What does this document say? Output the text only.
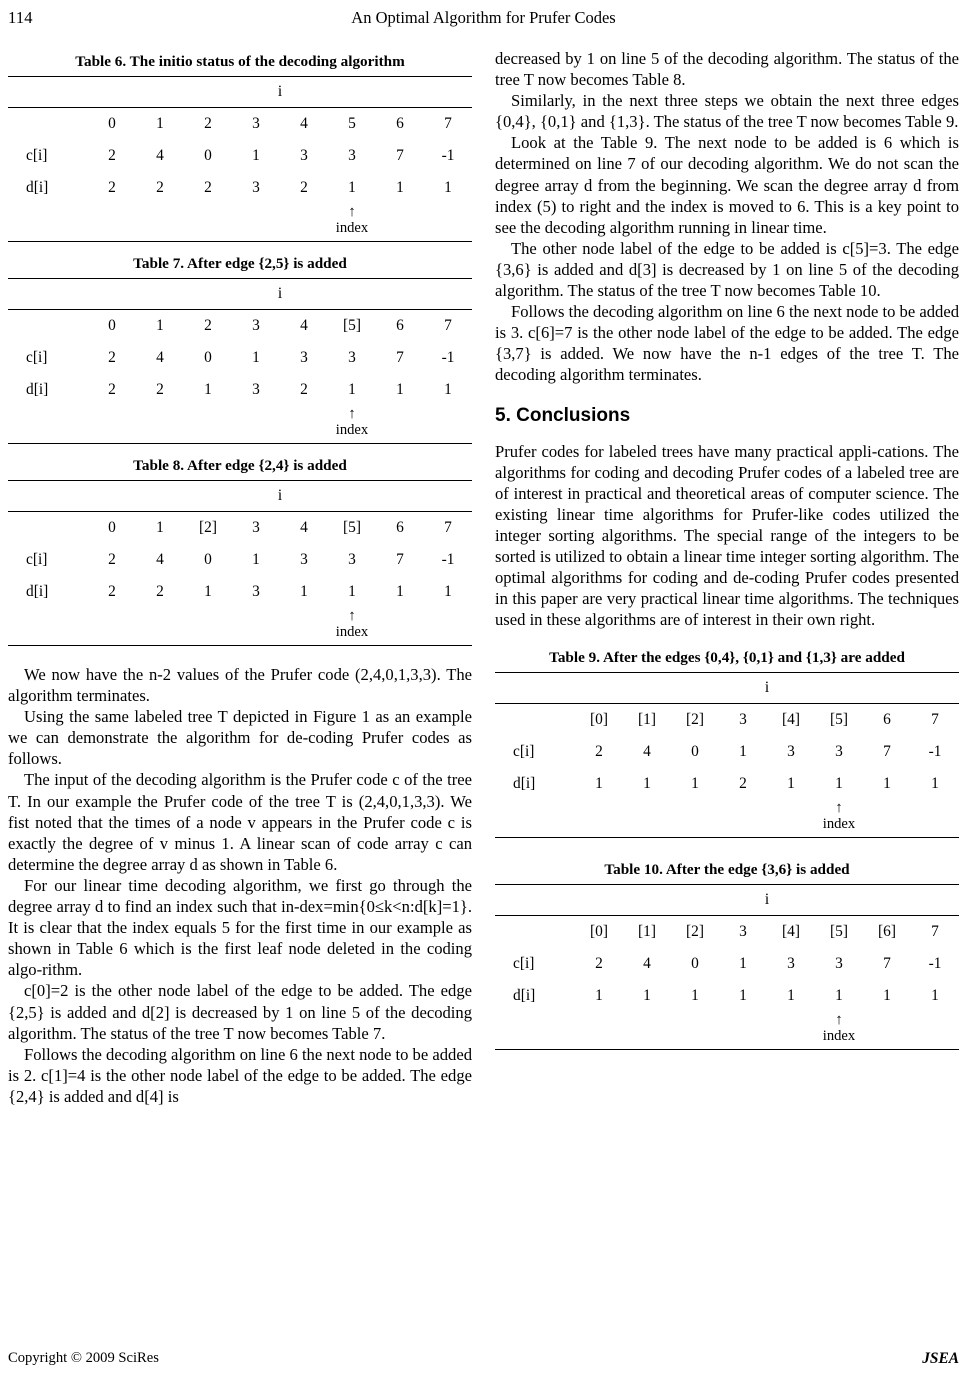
114	An Optimal Algorithm for Prufer Codes
Table 6. The initio status of the decoding algorithm
	i							
	0	1	2	3	4	5	6	7
c[i]	2	4	0	1	3	3	7	-1
d[i]	2	2	2	3	2	1	1	1

						↑
index		

Table 7. After edge {2,5} is added
	i							
	0	1	2	3	4	[5]	6	7
c[i]	2	4	0	1	3	3	7	-1
d[i]	2	2	1	3	2	1	1	1

						↑
index		

Table 8. After edge {2,4} is added
	i							
	0	1	[2]	3	4	[5]	6	7
c[i]	2	4	0	1	3	3	7	-1
d[i]	2	2	1	3	1	1	1	1

						↑
index		

We now have the n-2 values of the Prufer code (2,4,0,1,3,3). The algorithm terminates.

Using the same labeled tree T depicted in Figure 1 as an example we can demonstrate the algorithm for de-coding Prufer codes as follows.

The input of the decoding algorithm is the Prufer code c of the tree T. In our example the Prufer code of the tree T is (2,4,0,1,3,3). We fist noted that the times of a node v appears in the Prufer code c is exactly the degree of v minus 1. A linear scan of code array c can determine the degree array d as shown in Table 6.

For our linear time decoding algorithm, we first go through the degree array d to find an index such that in-dex=min{0≤k<n:d[k]=1}. It is clear that the index equals 5 for the first time in our example as shown in Table 6 which is the first leaf node deleted in the coding algo-rithm.

c[0]=2 is the other node label of the edge to be added. The edge {2,5} is added and d[2] is decreased by 1 on line 5 of the decoding algorithm. The status of the tree T now becomes Table 7.

Follows the decoding algorithm on line 6 the next node to be added is 2. c[1]=4 is the other node label of the edge to be added. The edge {2,4} is added and d[4] is

decreased by 1 on line 5 of the decoding algorithm. The status of the tree T now becomes Table 8.

Similarly, in the next three steps we obtain the next three edges {0,4}, {0,1} and {1,3}. The status of the tree T now becomes Table 9.

Look at the Table 9. The next node to be added is 6 which is determined on line 7 of our decoding algorithm. We do not scan the degree array d from the beginning. We scan the degree array d from index (5) to right and the index is moved to 6. This is a key point to see the decoding algorithm running in linear time.

The other node label of the edge to be added is c[5]=3. The edge {3,6} is added and d[3] is decreased by 1 on line 5 of the decoding algorithm. The status of the tree T now becomes Table 10.

Follows the decoding algorithm on line 6 the next node to be added is 3. c[6]=7 is the other node label of the edge to be added. The edge {3,7} is added. We now have the n-1 edges of the tree T. The decoding algorithm terminates.

5. Conclusions

Prufer codes for labeled trees have many practical appli-cations. The algorithms for coding and decoding Prufer codes of a labeled tree are of interest in practical and theoretical areas of computer science. The existing linear time algorithms for Prufer-like codes utilized the integer sorting algorithms. The special range of the integers to be sorted is utilized to obtain a linear time integer sorting algorithm. The optimal algorithms for coding and de-coding Prufer codes presented in this paper are very practical linear time algorithms. The techniques used in these algorithms are of interest in their own right.

Table 9. After the edges {0,4}, {0,1} and {1,3} are added
	i							
	[0]	[1]	[2]	3	[4]	[5]	6	7
c[i]	2	4	0	1	3	3	7	-1
d[i]	1	1	1	2	1	1	1	1

						↑
index		

Table 10. After the edge {3,6} is added
	i							
	[0]	[1]	[2]	3	[4]	[5]	[6]	7
c[i]	2	4	0	1	3	3	7	-1
d[i]	1	1	1	1	1	1	1	1

						↑
index		

Copyright © 2009 SciRes	JSEA
